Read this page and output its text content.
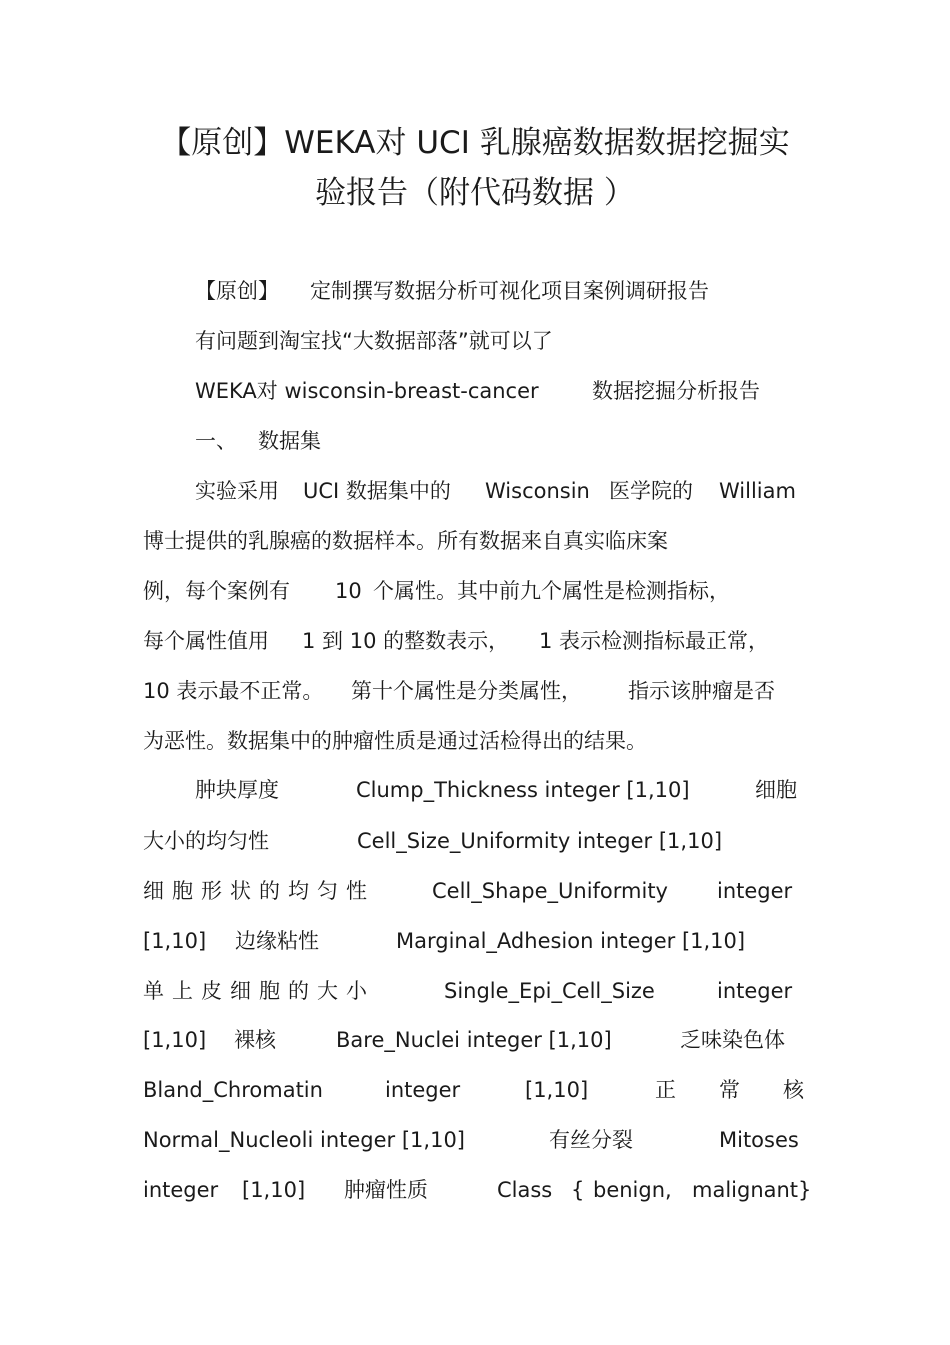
【原创】WEKA对 UCI 乳腺癌数据数据挖掘实
验报告（附代码数据 ）
【原创】 定制撰写数据分析可视化项目案例调研报告
有问题到淘宝找“大数据部落”就可以了
WEKA对 wisconsin-breast-cancer	数据挖掘分析报告
一、 数据集
实验采用 UCI 数据集中的 Wisconsin 医学院的 William
博士提供的乳腺癌的数据样本。所有数据来自真实临床案
例，每个案例有 10 个属性。其中前九个属性是检测指标，
每个属性值用 1 到 10 的整数表示， 1 表示检测指标最正常，
10 表示最不正常。 第十个属性是分类属性， 指示该肿瘤是否
为恶性。数据集中的肿瘤性质是通过活检得出的结果。
肿块厚度	Clump_Thickness integer [1,10]	细胞
大小的均匀性	Cell_Size_Uniformity integer [1,10]
细胞形状的均匀性	Cell_Shape_Uniformity integer
[1,10] 边缘粘性	Marginal_Adhesion integer [1,10]
单上皮细胞的大小	Single_Epi_Cell_Size	integer
[1,10] 裸核	Bare_Nuclei integer [1,10]	乏味染色体
Bland_Chromatin	integer	[1,10]	正 常 核
Normal_Nucleoli integer [1,10]	有丝分裂	Mitoses
integer [1,10] 肿瘤性质	Class { benign, malignant}
